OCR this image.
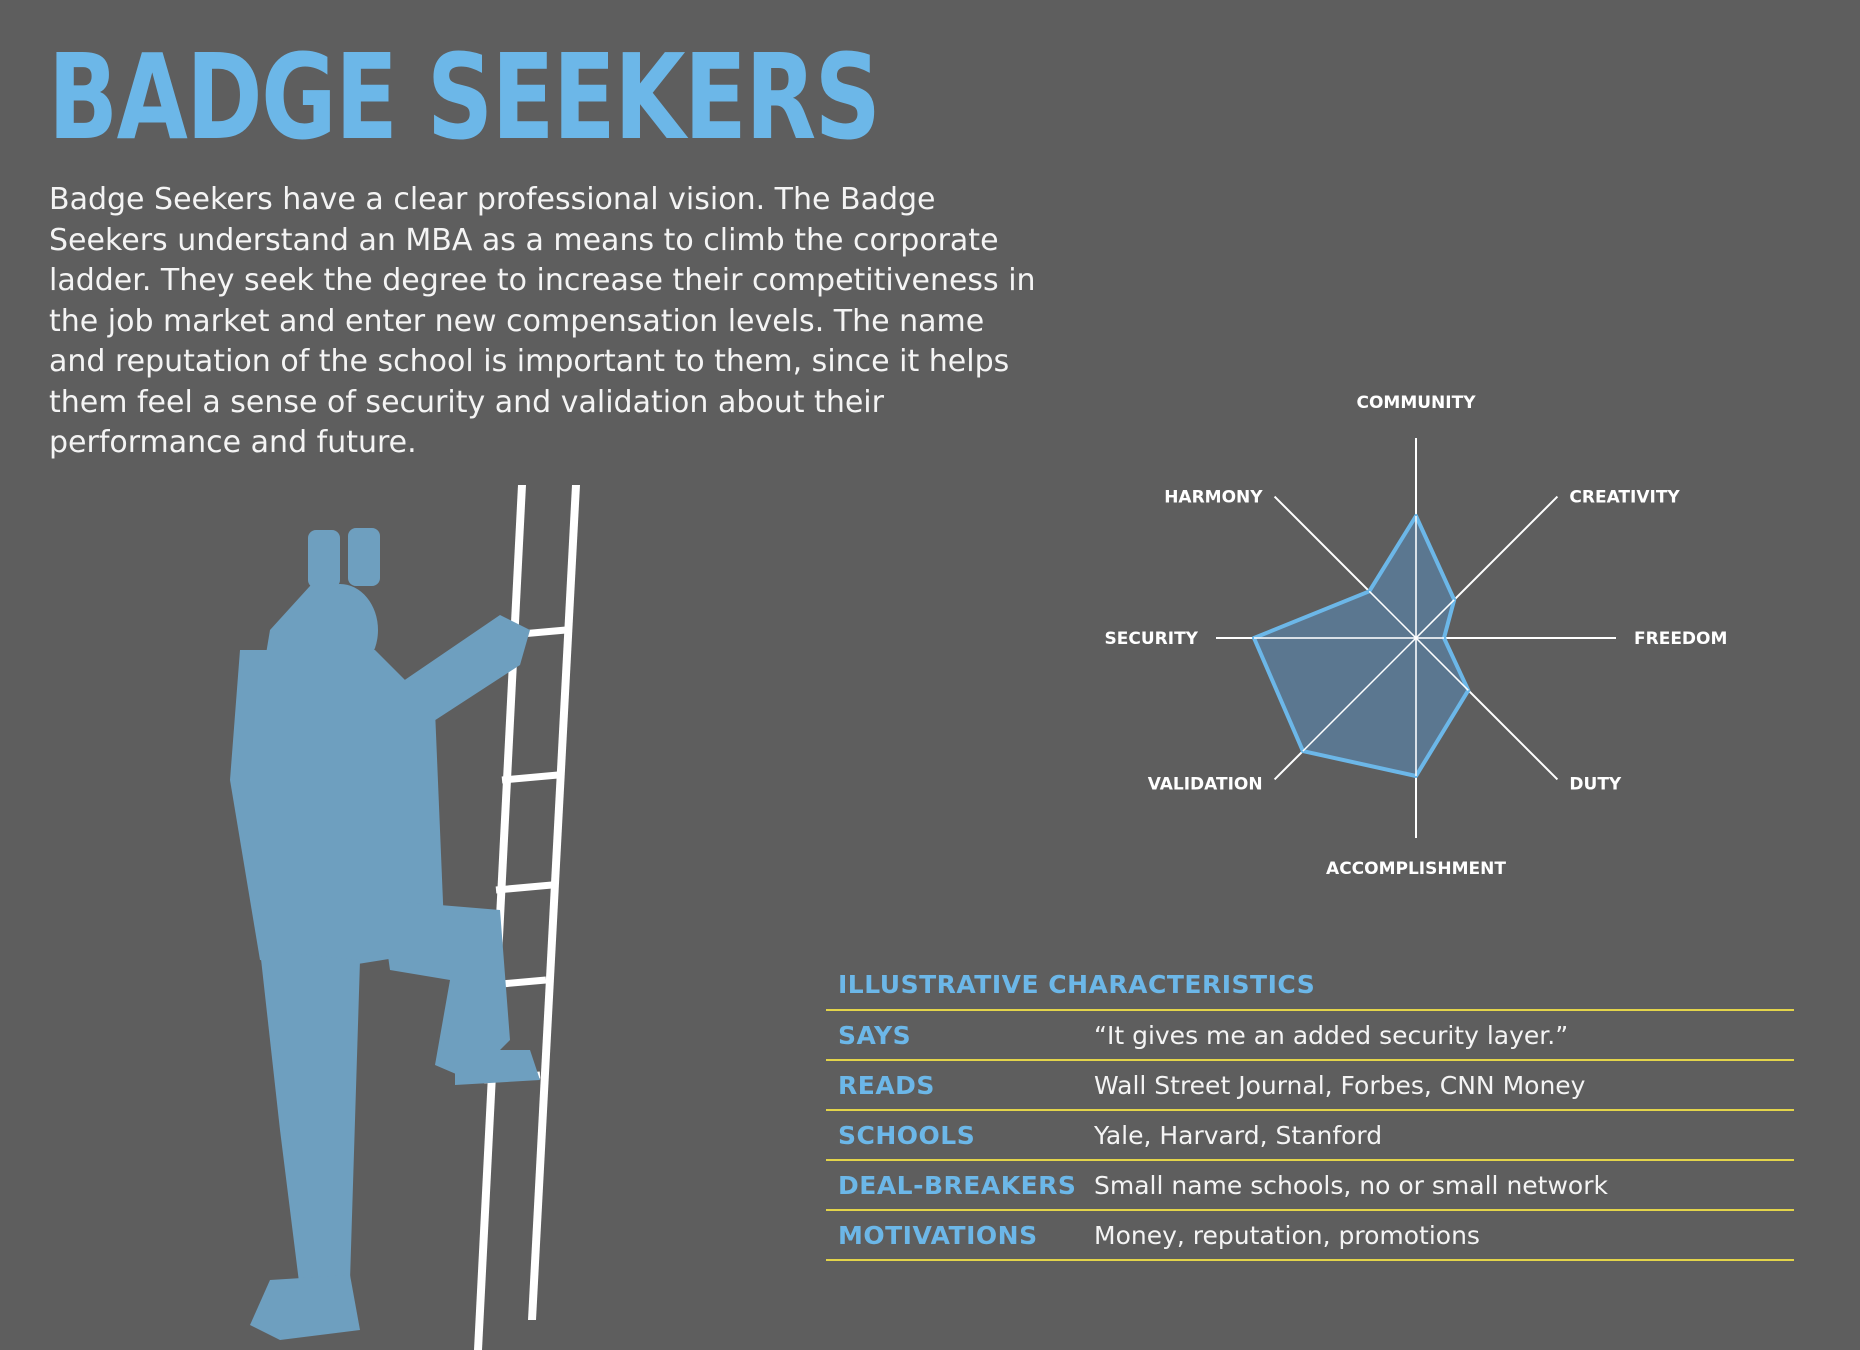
BADGE SEEKERS

Badge Seekers have a clear professional vision. The Badge Seekers understand an MBA as a means to climb the corporate ladder. They seek the degree to increase their competitiveness in the job market and enter new compensation levels. The name and reputation of the school is important to them, since it helps them feel a sense of security and validation about their performance and future.

COMMUNITY
CREATIVITY
FREEDOM
DUTY
ACCOMPLISHMENT
VALIDATION
SECURITY
HARMONY
ILLUSTRATIVE CHARACTERISTICS
SAYS	“It gives me an added security layer.”
READS	Wall Street Journal, Forbes, CNN Money
SCHOOLS	Yale, Harvard, Stanford
DEAL-BREAKERS Small name schools, no or small network
MOTIVATIONS	Money, reputation, promotions
